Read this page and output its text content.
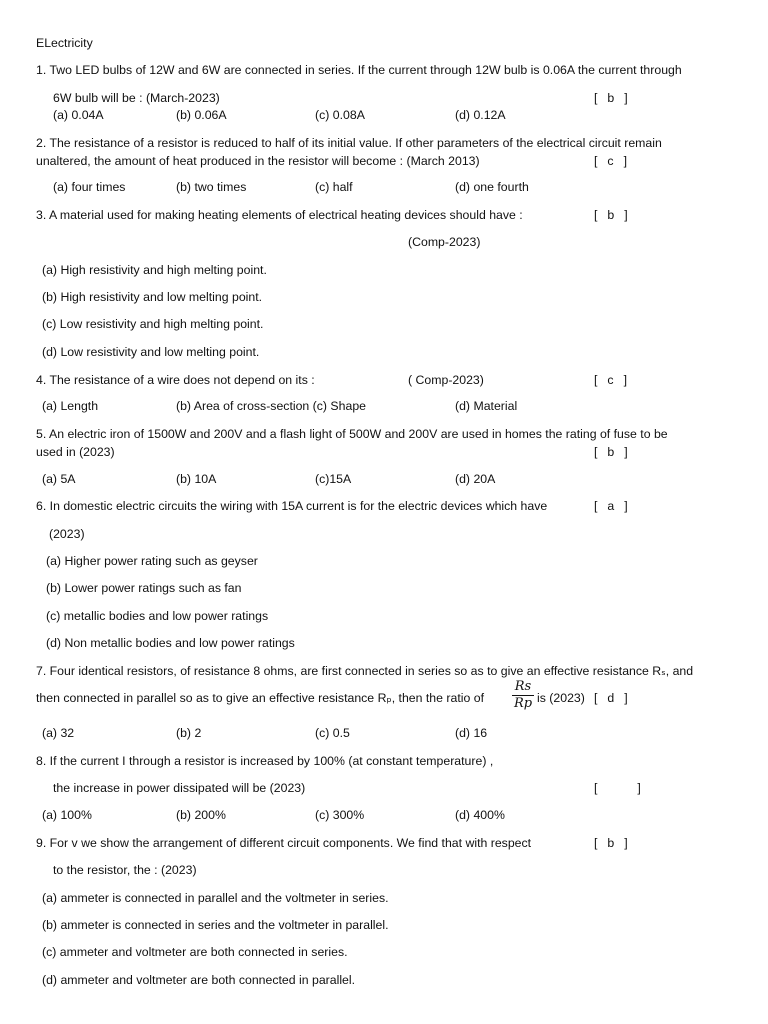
ELectricity
1. Two LED bulbs of 12W and 6W are connected in series. If the current through 12W bulb is 0.06A the current through
6W bulb will be : (March-2023)	[ b ]
(a) 0.04A	(b) 0.06A	(c) 0.08A	(d) 0.12A
2. The resistance of a resistor is reduced to half of its initial value. If other parameters of the electrical circuit remain
unaltered, the amount of heat produced in the resistor will become : (March 2013)	[ c ]
(a) four times	(b) two times	(c) half	(d) one fourth
3. A material used for making heating elements of electrical heating devices should have :	[ b ]
(Comp-2023)
(a) High resistivity and high melting point.
(b) High resistivity and low melting point.
(c) Low resistivity and high melting point.
(d) Low resistivity and low melting point.
4. The resistance of a wire does not depend on its :	( Comp-2023)	[ c ]
(a) Length	(b) Area of cross-section (c) Shape	(d) Material
5. An electric iron of 1500W and 200V and a flash light of 500W and 200V are used in homes the rating of fuse to be
used in (2023)	[ b ]
(a) 5A	(b) 10A	(c)15A	(d) 20A
6. In domestic electric circuits the wiring with 15A current is for the electric devices which have	[ a ]
(2023)
(a) Higher power rating such as geyser
(b) Lower power ratings such as fan
(c) metallic bodies and low power ratings
(d) Non metallic bodies and low power ratings
7. Four identical resistors, of resistance 8 ohms, are first connected in series so as to give an effective resistance Rₛ, and
then connected in parallel so as to give an effective resistance Rₚ, then the ratio of
Rs
Rp is (2023) [ d ]
(a) 32	(b) 2	(c) 0.5	(d) 16
8. If the current I through a resistor is increased by 100% (at constant temperature) ,
the increase in power dissipated will be (2023)	[	]
(a) 100%	(b) 200%	(c) 300%	(d) 400%
9. For v we show the arrangement of different circuit components. We find that with respect	[ b ]
to the resistor, the : (2023)
(a) ammeter is connected in parallel and the voltmeter in series.
(b) ammeter is connected in series and the voltmeter in parallel.
(c) ammeter and voltmeter are both connected in series.
(d) ammeter and voltmeter are both connected in parallel.
